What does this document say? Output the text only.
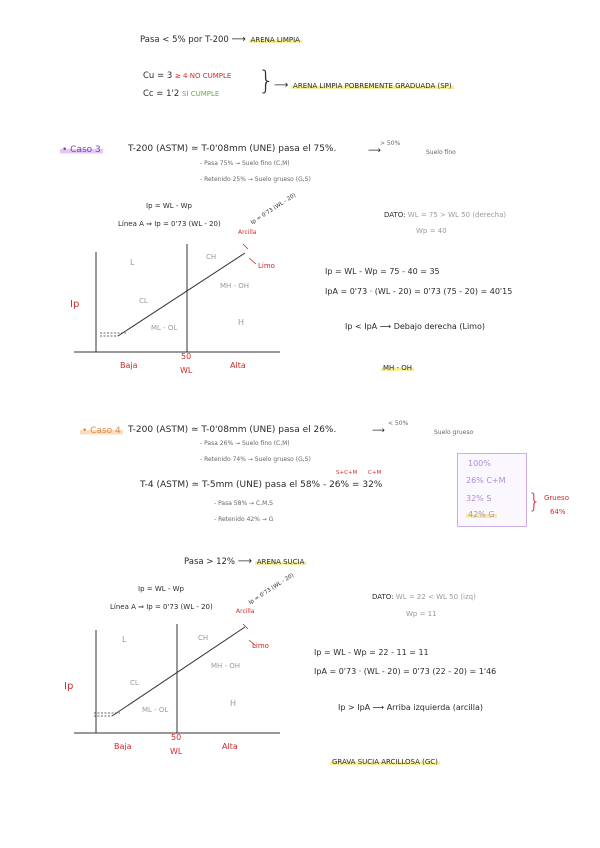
Pasa < 5% por T-200 ⟶ ARENA LIMPIA
Cu = 3 ≥ 4 NO CUMPLE
Cc = 1'2 SÍ CUMPLE } ⟶ ARENA LIMPIA POBREMENTE GRADUADA (SP)
• Caso 3	T-200 (ASTM) ≃ T-0'08mm (UNE) pasa el 75%.
> 50%
⟶	Suelo fino
- Pasa 75% → Suelo fino (C,M)
- Retenido 25% → Suelo grueso (G,S)
Ip = WL - Wp
Línea A ⇒ Ip = 0'73 (WL - 20)
DATO: WL = 75 > WL 50 (derecha)
Wp = 40
Ip = WL - Wp = 75 - 40 = 35
IpA = 0'73 · (WL - 20) = 0'73 (75 - 20) = 40'15
Ip < IpA ⟶ Debajo derecha (Limo)
MH - OH
• Caso 4 T-200 (ASTM) ≃ T-0'08mm (UNE) pasa el 26%.
< 50%
⟶	Suelo grueso
- Pasa 26% → Suelo fino (C,M)
- Retenido 74% → Suelo grueso (G,S)
S+C+M C+M
T-4 (ASTM) ≃ T-5mm (UNE) pasa el 58% - 26% = 32%
- Pasa 58% → C,M,S
- Retenido 42% → G
100%
26% C+M
32% S
42% G
} Grueso
64%
Pasa > 12% ⟶ ARENA SUCIA
Ip = WL - Wp
Línea A ⇒ Ip = 0'73 (WL - 20)
DATO: WL = 22 < WL 50 (izq)
Wp = 11
Ip = WL - Wp = 22 - 11 = 11
IpA = 0'73 · (WL - 20) = 0'73 (22 - 20) = 1'46
Ip > IpA ⟶ Arriba izquierda (arcilla)
GRAVA SUCIA ARCILLOSA (GC)
Ip
L
H
CH
CL
MH - OH
ML - OL
Arcilla
Ip = 0'73 (WL - 20)
Limo
Baja	Alta
50
WL
Ip
L
H
CH
CL
MH - OH
ML - OL
Arcilla
Ip = 0'73 (WL - 20)
Limo
Baja	Alta
50
WL
